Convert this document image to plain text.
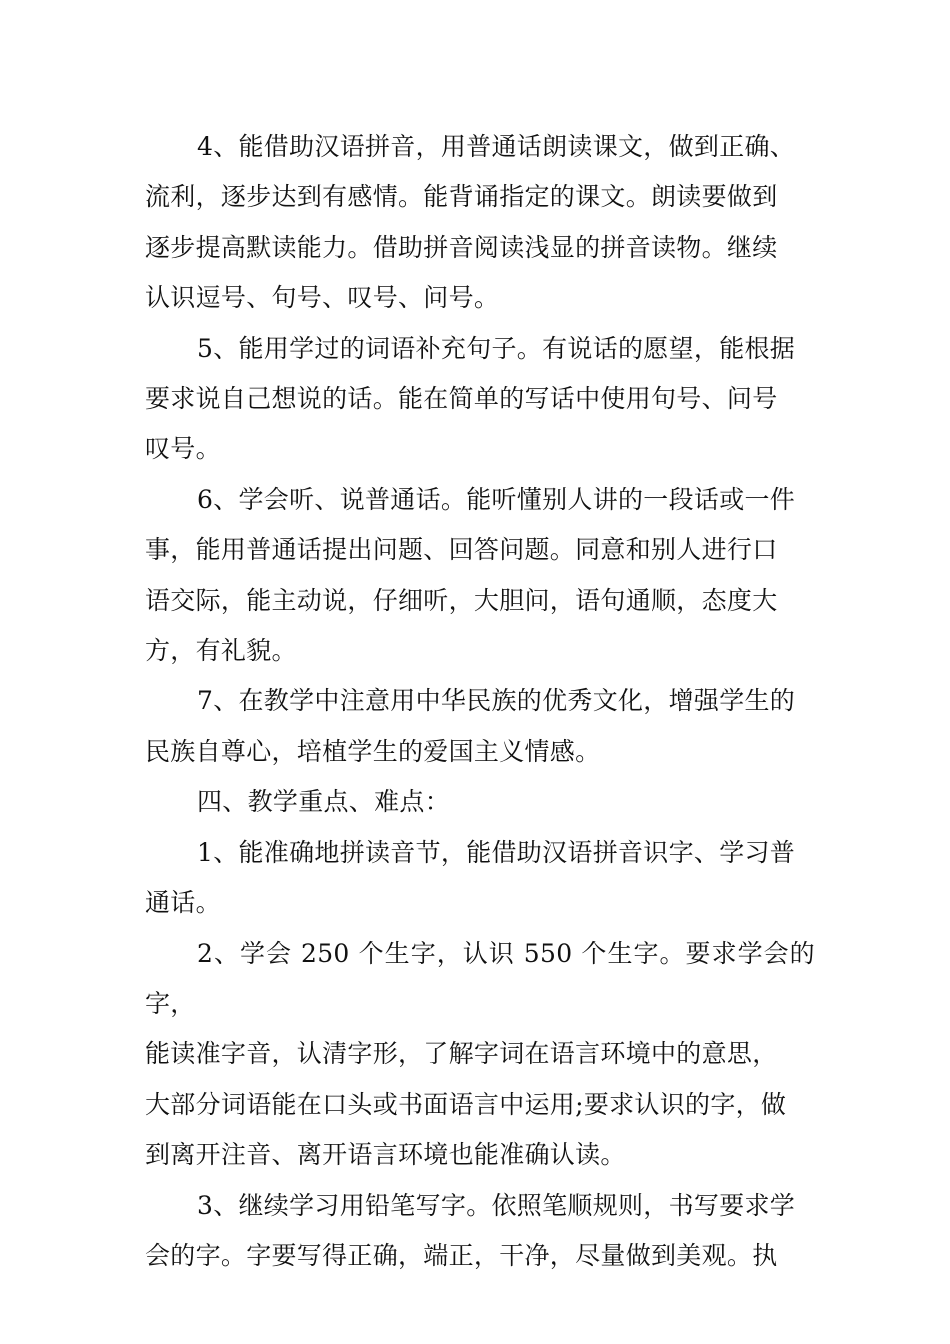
4、能借助汉语拼音，用普通话朗读课文，做到正确、
流利，逐步达到有感情。能背诵指定的课文。朗读要做到
逐步提高默读能力。借助拼音阅读浅显的拼音读物。继续
认识逗号、句号、叹号、问号。

5、能用学过的词语补充句子。有说话的愿望，能根据
要求说自己想说的话。能在简单的写话中使用句号、问号
叹号。

6、学会听、说普通话。能听懂别人讲的一段话或一件
事，能用普通话提出问题、回答问题。同意和别人进行口
语交际，能主动说，仔细听，大胆问，语句通顺，态度大
方，有礼貌。

7、在教学中注意用中华民族的优秀文化，增强学生的
民族自尊心，培植学生的爱国主义情感。

四、教学重点、难点：

1、能准确地拼读音节，能借助汉语拼音识字、学习普
通话。

2、学会 250 个生字，认识 550 个生字。要求学会的字，
能读准字音，认清字形，了解字词在语言环境中的意思，
大部分词语能在口头或书面语言中运用;要求认识的字，做
到离开注音、离开语言环境也能准确认读。

3、继续学习用铅笔写字。依照笔顺规则，书写要求学
会的字。字要写得正确，端正，干净，尽量做到美观。执
